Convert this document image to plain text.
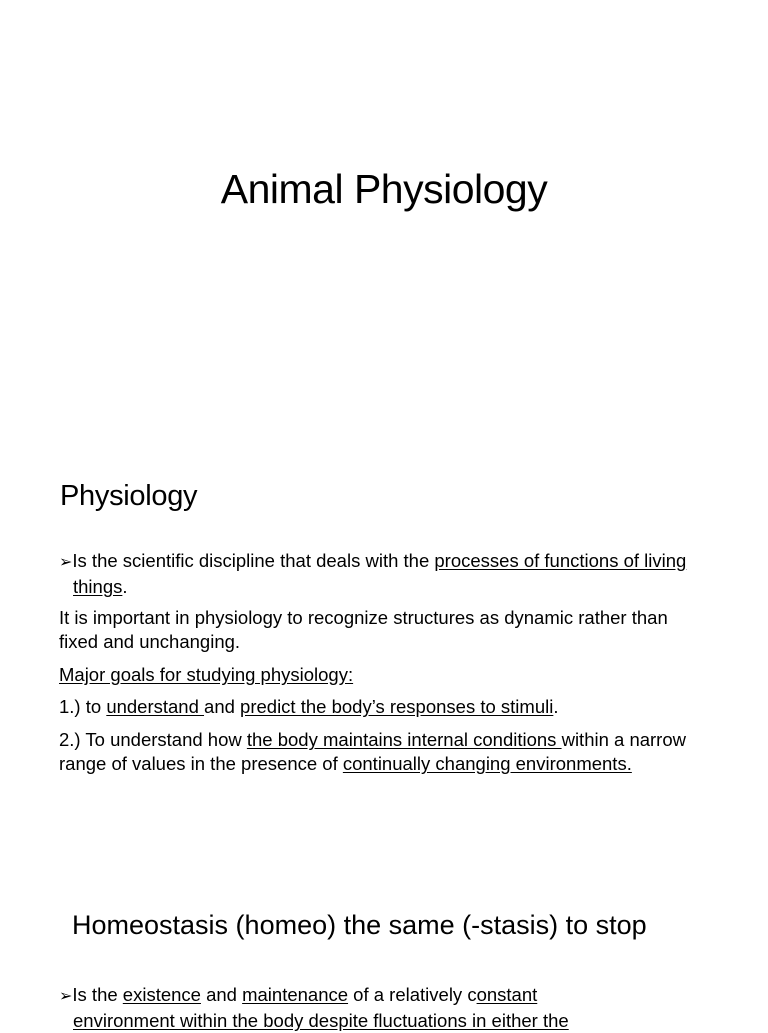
Animal Physiology
Physiology
➢Is the scientific discipline that deals with the processes of functions of living things.
It is important in physiology to recognize structures as dynamic rather than fixed and unchanging.
Major goals for studying physiology:
1.) to understand and predict the body’s responses to stimuli.
2.) To understand how the body maintains internal conditions within a narrow range of values in the presence of continually changing environments.
Homeostasis (homeo) the same (-stasis) to stop
➢Is the existence and maintenance of a relatively constant
environment within the body despite fluctuations in either the
